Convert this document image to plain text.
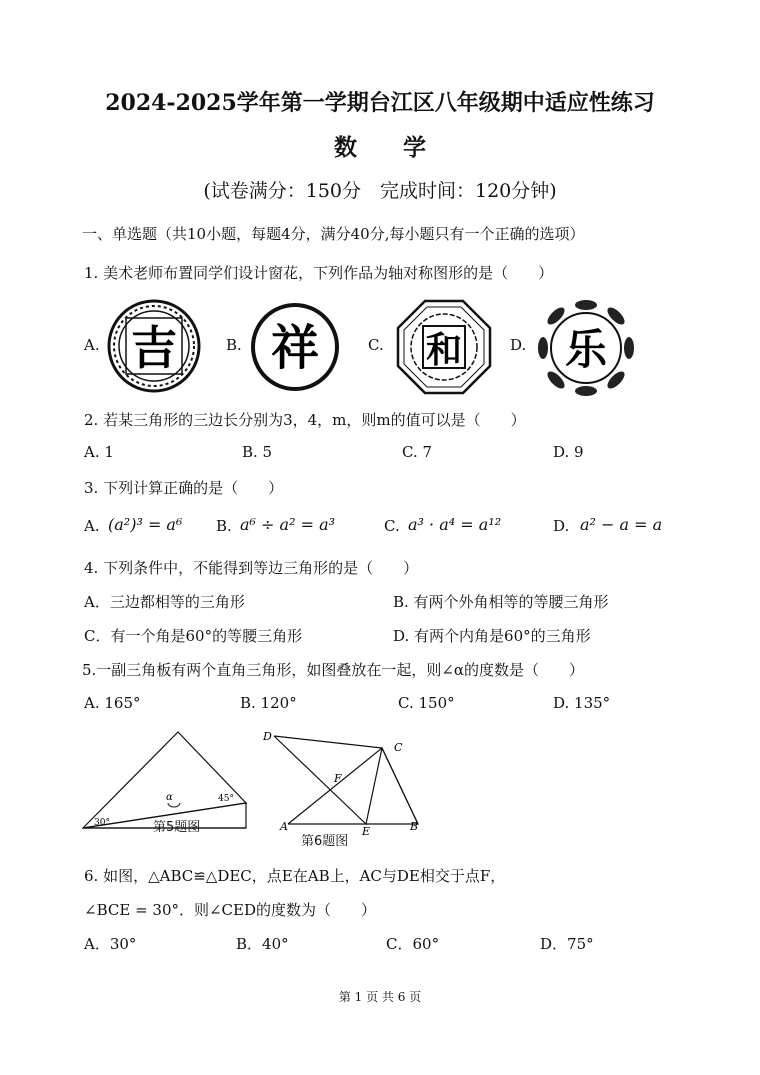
2024-2025学年第一学期台江区八年级期中适应性练习
数　　学
(试卷满分：150分　完成时间：120分钟)
一、单选题（共10小题，每题4分，满分40分,每小题只有一个正确的选项）
1. 美术老师布置同学们设计窗花，下列作品为轴对称图形的是（　　）
A.	B.	C.	D.
吉 祥	和 乐
2. 若某三角形的三边长分别为3，4，m，则m的值可以是（　　）
A. 1	B. 5	C. 7	D. 9
3. 下列计算正确的是（　　）
A. (a²)³ = a⁶ B. a⁶ ÷ a² = a³	C. a³ · a⁴ = a¹²	D. a² − a = a
4. 下列条件中，不能得到等边三角形的是（　　）
A．三边都相等的三角形	B. 有两个外角相等的等腰三角形
C．有一个角是60°的等腰三角形	D. 有两个内角是60°的三角形
5.一副三角板有两个直角三角形，如图叠放在一起，则∠α的度数是（　　）
A. 165°	B. 120°	C. 150°	D. 135°
α	45°
30°	第5题图
D
C
F
A	E	B
第6题图
6. 如图，△ABC≌△DEC，点E在AB上，AC与DE相交于点F，
∠BCE = 30°．则∠CED的度数为（　　）
A．30°	B．40°	C．60°	D．75°
第 1 页 共 6 页
